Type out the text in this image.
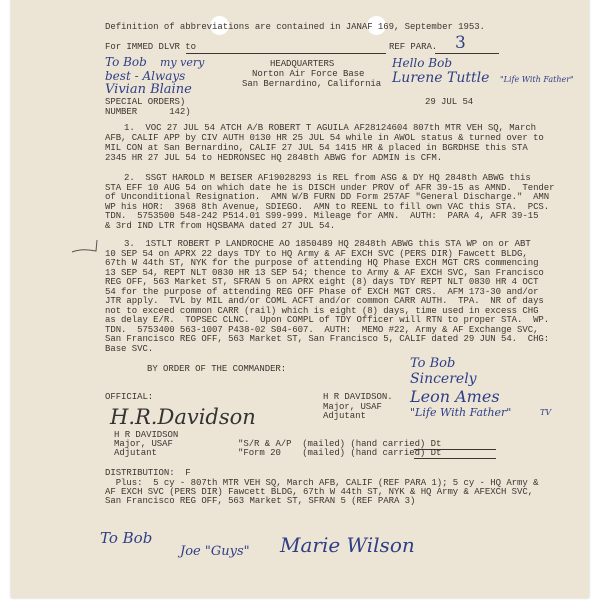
Definition of abbreviations are contained in JANAF 169, September 1953.
For IMMED DLVR to	REF PARA. 3
HEADQUARTERS
Norton Air Force Base
San Bernardino, California
SPECIAL ORDERS)
NUMBER      142)
29 JUL 54
1.  VOC 27 JUL 54 ATCH A/B ROBERT T AGUILA AF28124604 807th MTR VEH SQ, March
AFB, CALIF APP by CIV AUTH 0130 HR 25 JUL 54 while in AWOL status & turned over to
MIL CON at San Bernardino, CALIF 27 JUL 54 1415 HR & placed in BGRDHSE this STA
2345 HR 27 JUL 54 to HEDRONSEC HQ 2848th ABWG for ADMIN is CFM.
2.  SSGT HAROLD M BEISER AF19028293 is REL from ASG & DY HQ 2848th ABWG this
STA EFF 10 AUG 54 on which date he is DISCH under PROV of AFR 39-15 as AMND.  Tender
of Unconditional Resignation.  AMN W/B FURN DD Form 257AF "General Discharge."  AMN
WP his HOR:  3968 8th Avenue, SDIEGO.  AMN to REENL to fill own VAC this STA.  PCS.
TDN.  5753500 548-242 P514.01 S99-999. Mileage for AMN.  AUTH:  PARA 4, AFR 39-15
& 3rd IND LTR from HQSBAMA dated 27 JUL 54.
3.  1STLT ROBERT P LANDROCHE AO 1850489 HQ 2848th ABWG this STA WP on or ABT
10 SEP 54 on APRX 22 days TDY to HQ Army & AF EXCH SVC (PERS DIR) Fawcett BLDG,
67th W 44th ST, NYK for the purpose of attending HQ Phase EXCH MGT CRS commencing
13 SEP 54, REPT NLT 0830 HR 13 SEP 54; thence to Army & AF EXCH SVC, San Francisco
REG OFF, 563 Market ST, SFRAN 5 on APRX eight (8) days TDY REPT NLT 0830 HR 4 OCT
54 for the purpose of attending REG OFF Phase of EXCH MGT CRS.  AFM 173-30 and/or
JTR apply.  TVL by MIL and/or COML ACFT and/or common CARR AUTH.  TPA.  NR of days
not to exceed common CARR (rail) which is eight (8) days, time used in excess CHG
as delay E/R.  TOPSEC CLNC.  Upon COMPL of TDY Officer will RTN to proper STA.  WP.
TDN.  5753400 563-1007 P438-02 S04-607.  AUTH:  MEMO #22, Army & AF Exchange SVC,
San Francisco REG OFF, 563 Market ST, San Francisco 5, CALIF dated 29 JUN 54.  CHG:
Base SVC.
BY ORDER OF THE COMMANDER:
OFFICIAL:	H R DAVIDSON.
Major, USAF
Adjutant
H.R.Davidson
H R DAVIDSON
Major, USAF
Adjutant
"S/R & A/P  (mailed) (hand carried) Dt
"Form 20    (mailed) (hand carried) Dt
DISTRIBUTION:  F
Plus:  5 cy - 807th MTR VEH SQ, March AFB, CALIF (REF PARA 1); 5 cy - HQ Army &
AF EXCH SVC (PERS DIR) Fawcett BLDG, 67th W 44th ST, NYK & HQ Army & AFEXCH SVC,
San Francisco REG OFF, 563 Market ST, SFRAN 5 (REF PARA 3)
To Bob my very
best - Always
Vivian Blaine
Hello Bob
Lurene Tuttle "Life With Father"
To Bob
Sincerely
Leon Ames
"Life With Father"	TV
To Bob
Joe "Guys" Marie Wilson
